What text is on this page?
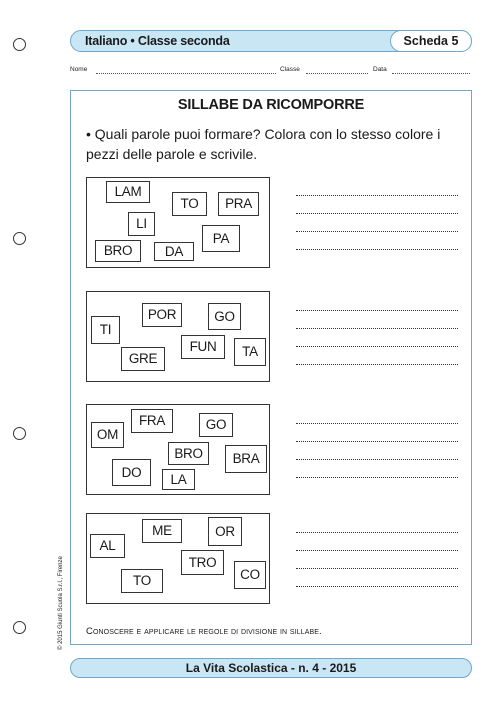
Italiano • Classe seconda	Scheda 5
Nome	Classe	Data
SILLABE DA RICOMPORRE
• Quali parole puoi formare? Colora con lo stesso colore i pezzi delle parole e scrivile.
LAM
TO	PRA
LI
PA
BRO	DA
POR	GO
TI
FUN	TA
GRE
FRA	GO
OM
BRO	BRA
DO	LA
ME	OR
AL
TRO
CO
TO
Conoscere e applicare le regole di divisione in sillabe.
© 2015 Giunti Scuola S.r.l., Firenze
La Vita Scolastica - n. 4 - 2015
